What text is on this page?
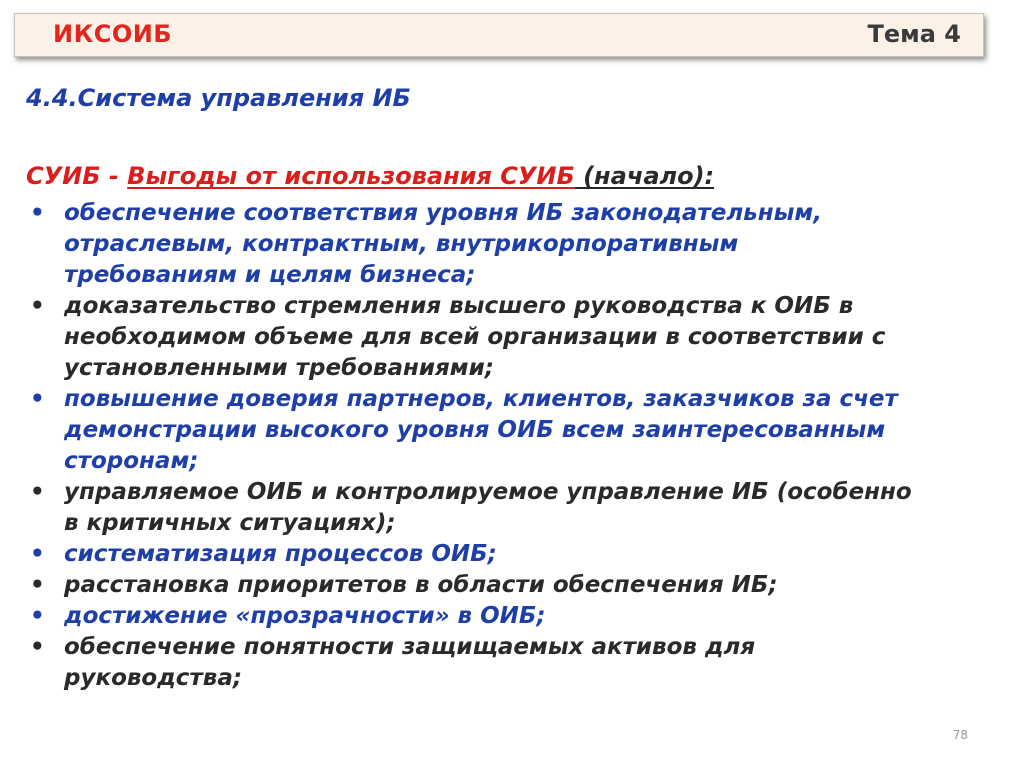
ИКСОИБ	Тема 4
4.4.Система управления ИБ
СУИБ - Выгоды от использования СУИБ (начало):
• обеспечение соответствия уровня ИБ законодательным,
отраслевым, контрактным, внутрикорпоративным
требованиям и целям бизнеса;
• доказательство стремления высшего руководства к ОИБ в
необходимом объеме для всей организации в соответствии с
установленными требованиями;
• повышение доверия партнеров, клиентов, заказчиков за счет
демонстрации высокого уровня ОИБ всем заинтересованным
сторонам;
• управляемое ОИБ и контролируемое управление ИБ (особенно
в критичных ситуациях);
• систематизация процессов ОИБ;
• расстановка приоритетов в области обеспечения ИБ;
• достижение «прозрачности» в ОИБ;
• обеспечение понятности защищаемых активов для
руководства;
78
